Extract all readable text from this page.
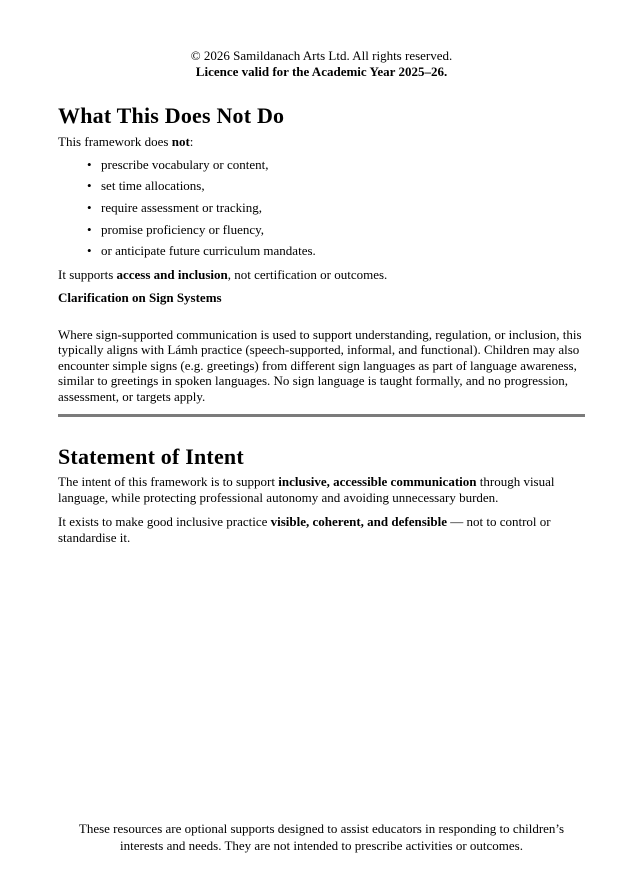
© 2026 Samildanach Arts Ltd. All rights reserved.
Licence valid for the Academic Year 2025–26.
What This Does Not Do

This framework does not:

• prescribe vocabulary or content,
• set time allocations,
• require assessment or tracking,
• promise proficiency or fluency,
• or anticipate future curriculum mandates.

It supports access and inclusion, not certification or outcomes.

Clarification on Sign Systems

Where sign-supported communication is used to support understanding, regulation, or inclusion, this typically aligns with Lámh practice (speech-supported, informal, and functional). Children may also encounter simple signs (e.g. greetings) from different sign languages as part of language awareness, similar to greetings in spoken languages. No sign language is taught formally, and no progression, assessment, or targets apply.

Statement of Intent

The intent of this framework is to support inclusive, accessible communication through visual language, while protecting professional autonomy and avoiding unnecessary burden.

It exists to make good inclusive practice visible, coherent, and defensible — not to control or standardise it.

These resources are optional supports designed to assist educators in responding to children’s interests and needs. They are not intended to prescribe activities or outcomes.
